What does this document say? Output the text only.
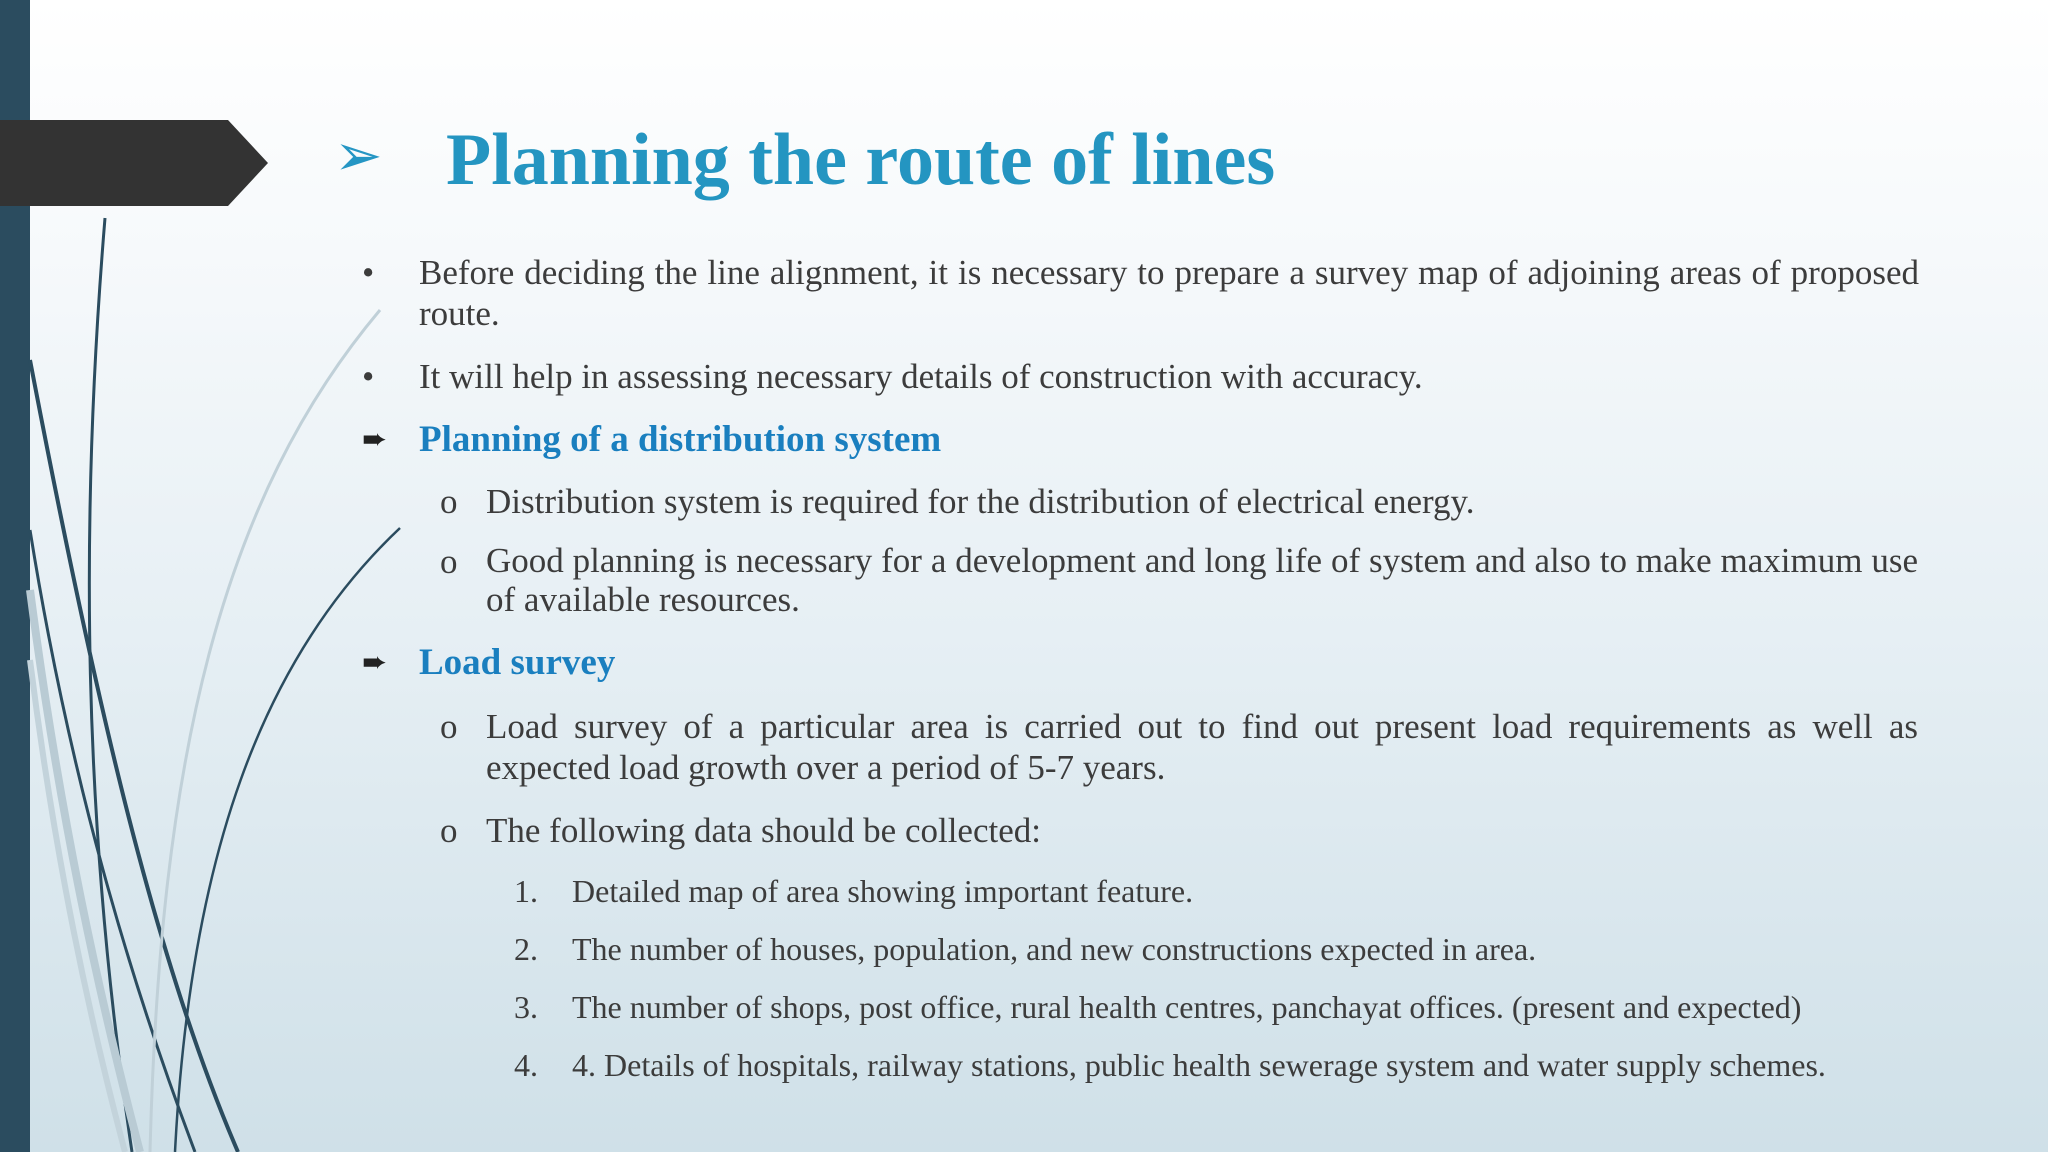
➢ Planning the route of lines
• Before deciding the line alignment, it is necessary to prepare a survey map of adjoining areas of proposed route.
• It will help in assessing necessary details of construction with accuracy.
➨ Planning of a distribution system
o Distribution system is required for the distribution of electrical energy.
o Good planning is necessary for a development and long life of system and also to make maximum use of available resources.
➨ Load survey
o Load survey of a particular area is carried out to find out present load requirements as well as expected load growth over a period of 5-7 years.
o The following data should be collected:
1. Detailed map of area showing important feature.
2. The number of houses, population, and new constructions expected in area.
3. The number of shops, post office, rural health centres, panchayat offices. (present and expected)
4. 4. Details of hospitals, railway stations, public health sewerage system and water supply schemes.
